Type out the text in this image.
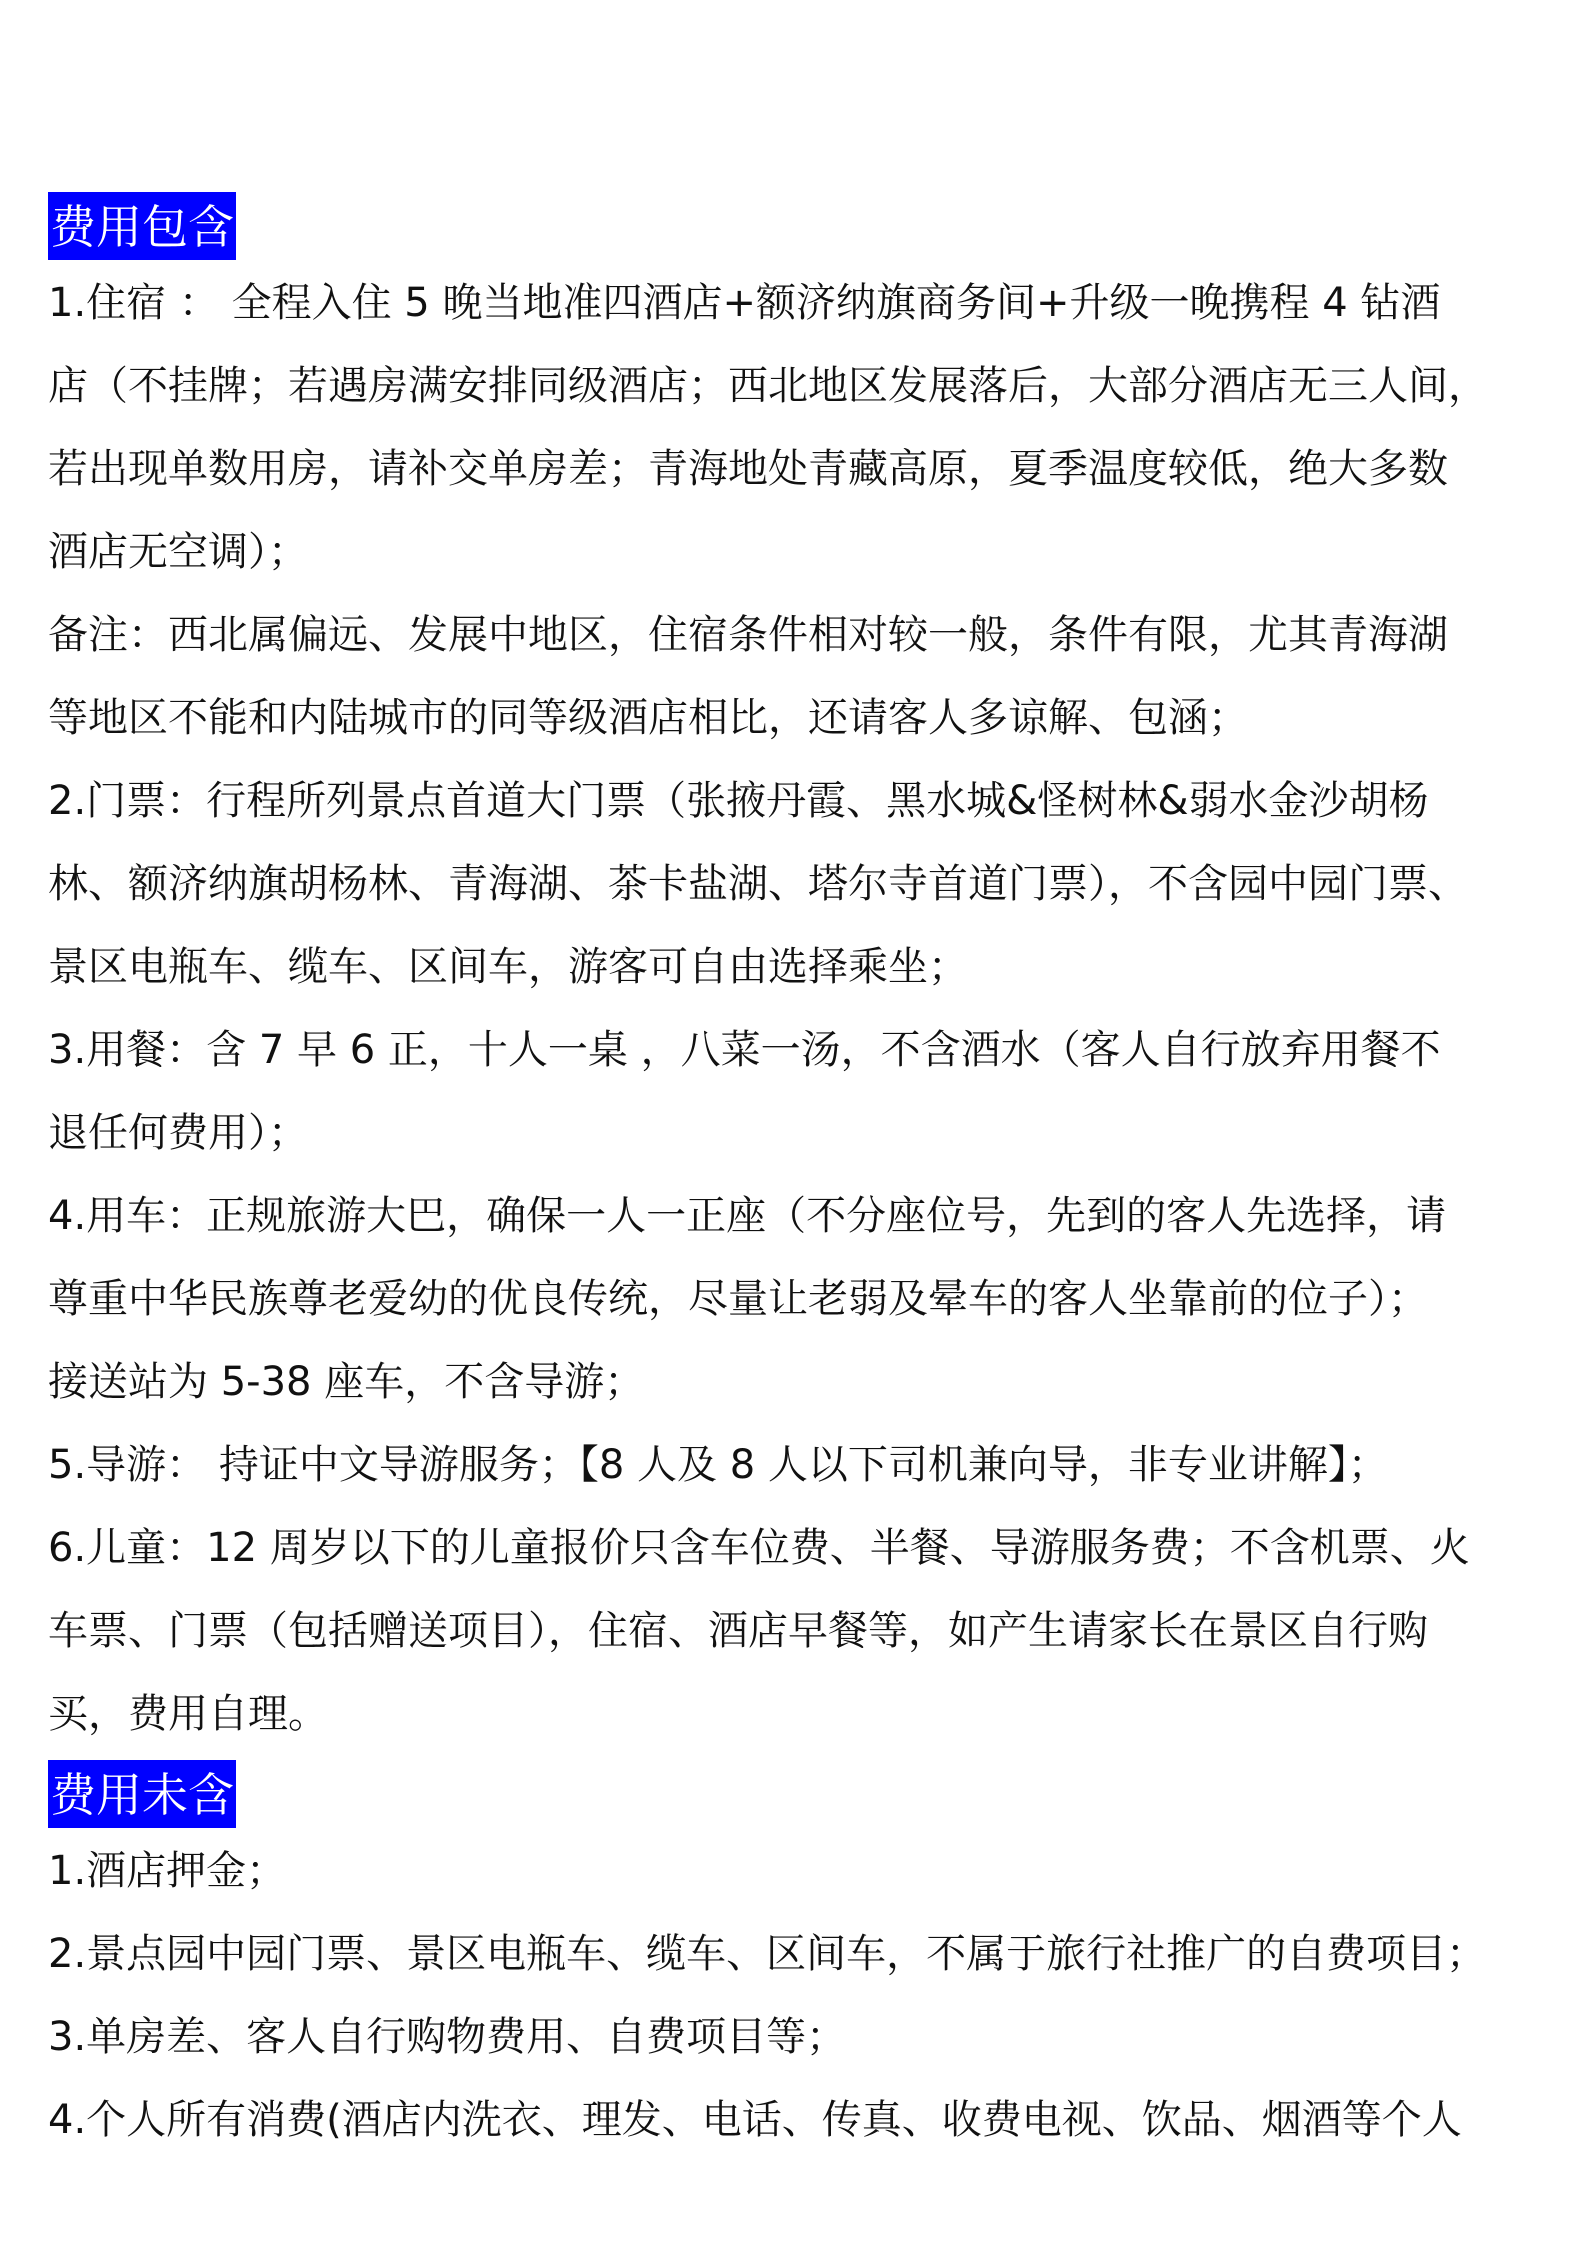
费用包含

1.住宿 ： 全程入住 5 晚当地准四酒店+额济纳旗商务间+升级一晚携程 4 钻酒

店（不挂牌；若遇房满安排同级酒店；西北地区发展落后，大部分酒店无三人间，

若出现单数用房，请补交单房差；青海地处青藏高原，夏季温度较低，绝大多数

酒店无空调）；

备注：西北属偏远、发展中地区，住宿条件相对较一般，条件有限，尤其青海湖

等地区不能和内陆城市的同等级酒店相比，还请客人多谅解、包涵；

2.门票：行程所列景点首道大门票（张掖丹霞、黑水城&怪树林&弱水金沙胡杨

林、额济纳旗胡杨林、青海湖、茶卡盐湖、塔尔寺首道门票），不含园中园门票、

景区电瓶车、缆车、区间车，游客可自由选择乘坐；

3.用餐：含 7 早 6 正，十人一桌 ，八菜一汤，不含酒水（客人自行放弃用餐不

退任何费用）；

4.用车：正规旅游大巴，确保一人一正座（不分座位号，先到的客人先选择，请

尊重中华民族尊老爱幼的优良传统，尽量让老弱及晕车的客人坐靠前的位子）；

接送站为 5-38 座车，不含导游；

5.导游： 持证中文导游服务；【8 人及 8 人以下司机兼向导，非专业讲解】；

6.儿童：12 周岁以下的儿童报价只含车位费、半餐、导游服务费；不含机票、火

车票、门票（包括赠送项目），住宿、酒店早餐等，如产生请家长在景区自行购

买，费用自理。

费用未含

1.酒店押金；

2.景点园中园门票、景区电瓶车、缆车、区间车，不属于旅行社推广的自费项目；

3.单房差、客人自行购物费用、自费项目等；

4.个人所有消费(酒店内洗衣、理发、电话、传真、收费电视、饮品、烟酒等个人
